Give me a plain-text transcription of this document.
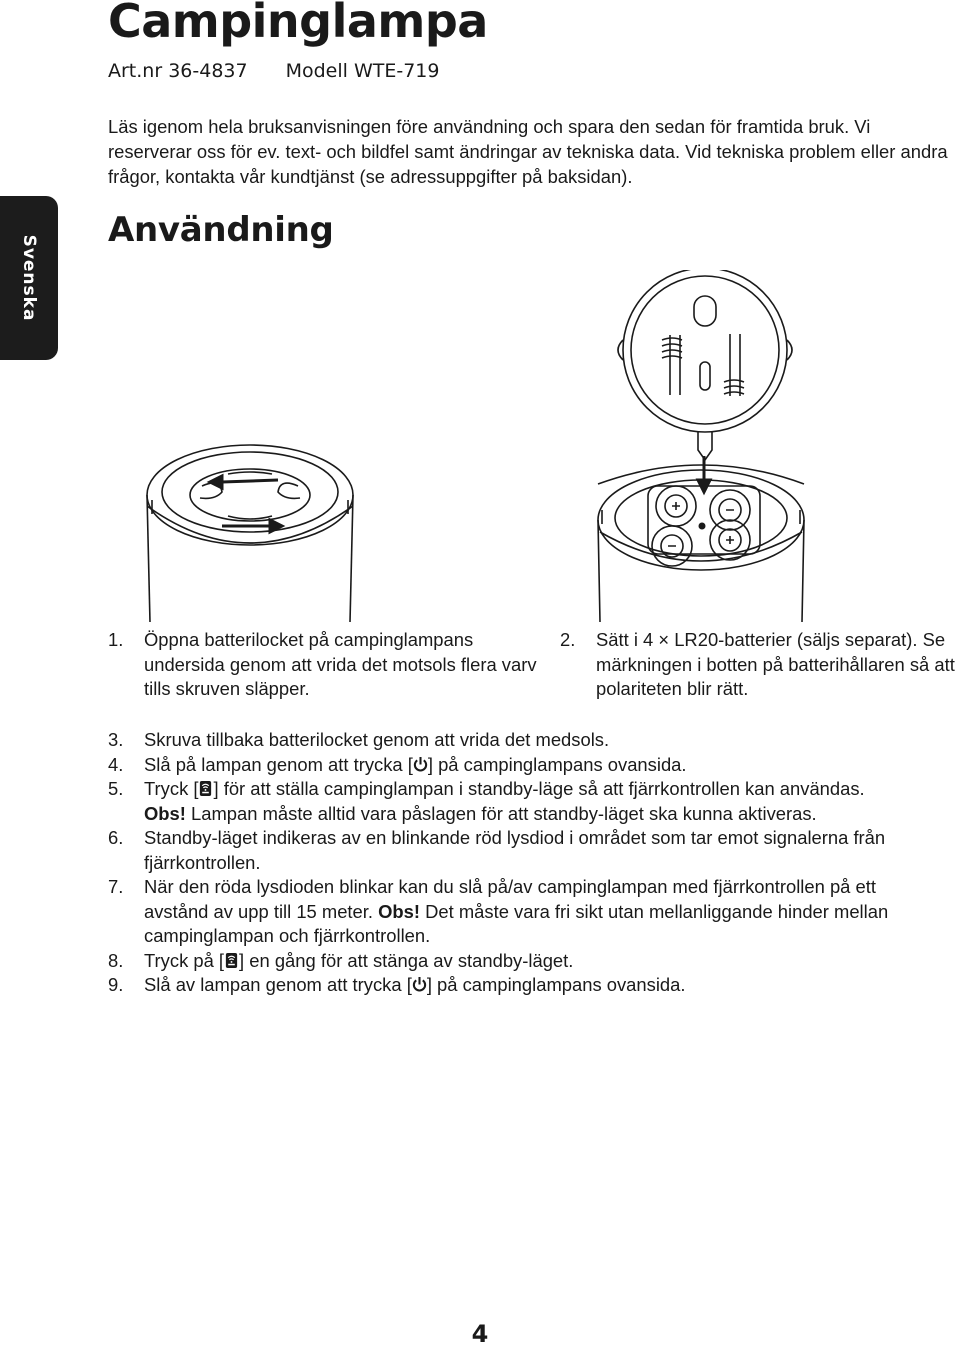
Campinglampa
Art.nr 36-4837 Modell WTE-719

Läs igenom hela bruksanvisningen före användning och spara den sedan för framtida bruk. Vi reserverar oss för ev. text- och bildfel samt ändringar av tekniska data. Vid tekniska problem eller andra frågor, kontakta vår kundtjänst (se adressuppgifter på baksidan).

Svenska
Användning
1. Öppna batterilocket på campinglampans undersida genom att vrida det motsols flera varv tills skruven släpper.
2. Sätt i 4 × LR20-batterier (säljs separat). Se märkningen i botten på batterihållaren så att polariteten blir rätt.
3. Skruva tillbaka batterilocket genom att vrida det medsols.
4. Slå på lampan genom att trycka [ ] på campinglampans ovansida.
5. Tryck [ ] för att ställa campinglampan i standby-läge så att fjärrkontrollen kan användas.
Obs! Lampan måste alltid vara påslagen för att standby-läget ska kunna aktiveras.
6. Standby-läget indikeras av en blinkande röd lysdiod i området som tar emot signalerna från fjärrkontrollen.
7. När den röda lysdioden blinkar kan du slå på/av campinglampan med fjärrkontrollen på ett avstånd av upp till 15 meter. Obs! Det måste vara fri sikt utan mellanliggande hinder mellan campinglampan och fjärrkontrollen.
8. Tryck på [ ] en gång för att stänga av standby-läget.
9. Slå av lampan genom att trycka [ ] på campinglampans ovansida.
4
